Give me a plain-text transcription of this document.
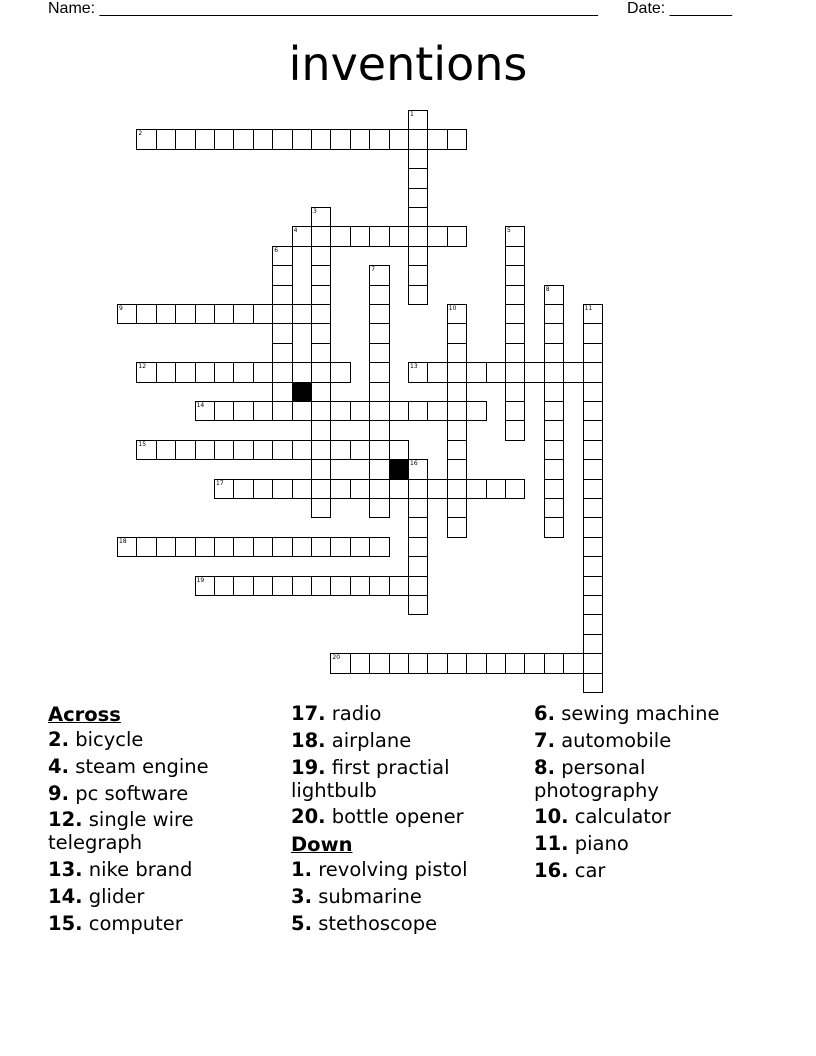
Name: ________________________________________________________ Date: _______
inventions
2
4
9
12	13
14
15
17
18
19
20
1
3
5
6
7
8
10	11
16
Across
2. bicycle
4. steam engine
9. pc software
12. single wire telegraph
13. nike brand
14. glider
15. computer
17. radio
18. airplane
19. first practial lightbulb
20. bottle opener
Down
1. revolving pistol
3. submarine
5. stethoscope
6. sewing machine
7. automobile
8. personal photography
10. calculator
11. piano
16. car
